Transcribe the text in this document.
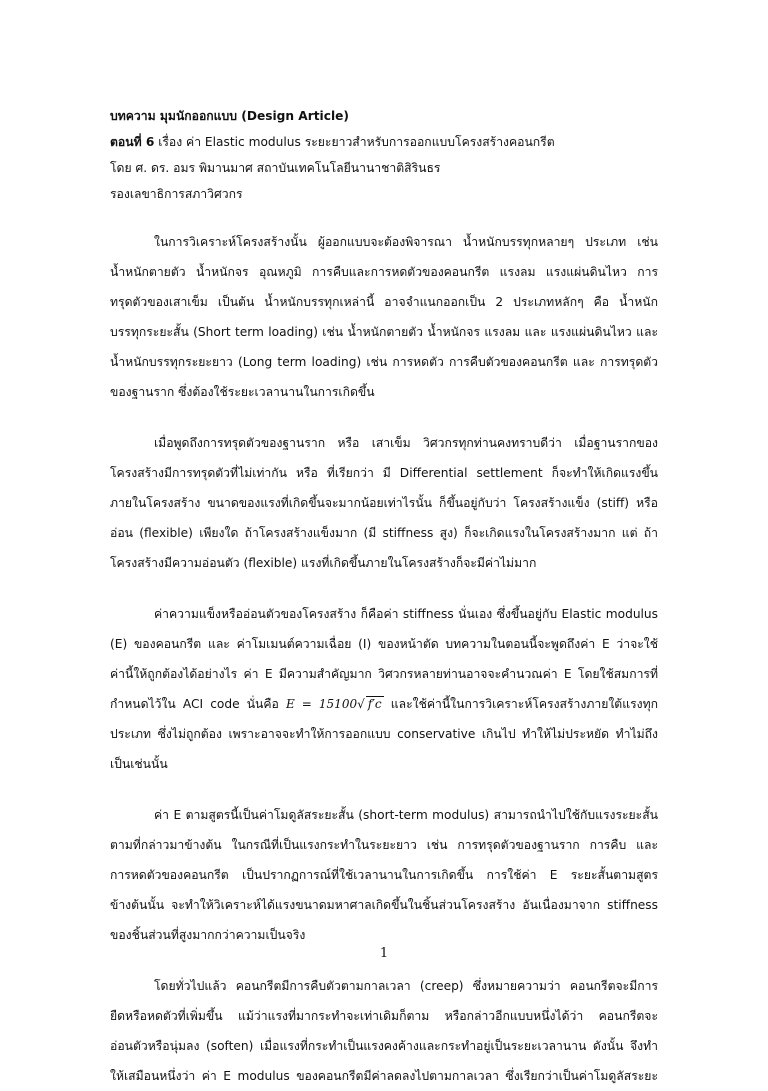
บทความ มุมนักออกแบบ (Design Article)
ตอนที่ 6 เรื่อง ค่า Elastic modulus ระยะยาวสำหรับการออกแบบโครงสร้างคอนกรีต
โดย ศ. ดร. อมร พิมานมาศ สถาบันเทคโนโลยีนานาชาติสิรินธร
รองเลขาธิการสภาวิศวกร
ในการวิเคราะห์โครงสร้างนั้น ผู้ออกแบบจะต้องพิจารณา น้ำหนักบรรทุกหลายๆ ประเภท เช่น
น้ำหนักตายตัว น้ำหนักจร อุณหภูมิ การคืบและการหดตัวของคอนกรีต แรงลม แรงแผ่นดินไหว การ
ทรุดตัวของเสาเข็ม เป็นต้น น้ำหนักบรรทุกเหล่านี้ อาจจำแนกออกเป็น 2 ประเภทหลักๆ คือ น้ำหนัก
บรรทุกระยะสั้น (Short term loading) เช่น น้ำหนักตายตัว น้ำหนักจร แรงลม และ แรงแผ่นดินไหว และ
น้ำหนักบรรทุกระยะยาว (Long term loading) เช่น การหดตัว การคืบตัวของคอนกรีต และ การทรุดตัว
ของฐานราก ซึ่งต้องใช้ระยะเวลานานในการเกิดขึ้น
เมื่อพูดถึงการทรุดตัวของฐานราก หรือ เสาเข็ม วิศวกรทุกท่านคงทราบดีว่า เมื่อฐานรากของ
โครงสร้างมีการทรุดตัวที่ไม่เท่ากัน หรือ ที่เรียกว่า มี Differential settlement ก็จะทำให้เกิดแรงขึ้น
ภายในโครงสร้าง ขนาดของแรงที่เกิดขึ้นจะมากน้อยเท่าไรนั้น ก็ขึ้นอยู่กับว่า โครงสร้างแข็ง (stiff) หรือ
อ่อน (flexible) เพียงใด ถ้าโครงสร้างแข็งมาก (มี stiffness สูง) ก็จะเกิดแรงในโครงสร้างมาก แต่ ถ้า
โครงสร้างมีความอ่อนตัว (flexible) แรงที่เกิดขึ้นภายในโครงสร้างก็จะมีค่าไม่มาก
ค่าความแข็งหรืออ่อนตัวของโครงสร้าง ก็คือค่า stiffness นั่นเอง ซึ่งขึ้นอยู่กับ Elastic modulus
(E) ของคอนกรีต และ ค่าโมเมนต์ความเฉื่อย (I) ของหน้าตัด บทความในตอนนี้จะพูดถึงค่า E ว่าจะใช้
ค่านี้ให้ถูกต้องได้อย่างไร ค่า E มีความสำคัญมาก วิศวกรหลายท่านอาจจะคำนวณค่า E โดยใช้สมการที่
กำหนดไว้ใน ACI code นั่นคือ E = 15100√ f′c และใช้ค่านี้ในการวิเคราะห์โครงสร้างภายใต้แรงทุก
ประเภท ซึ่งไม่ถูกต้อง เพราะอาจจะทำให้การออกแบบ conservative เกินไป ทำให้ไม่ประหยัด ทำไม่ถึง
เป็นเช่นนั้น
ค่า E ตามสูตรนี้เป็นค่าโมดูลัสระยะสั้น (short-term modulus) สามารถนำไปใช้กับแรงระยะสั้น
ตามที่กล่าวมาข้างต้น ในกรณีที่เป็นแรงกระทำในระยะยาว เช่น การทรุดตัวของฐานราก การคืบ และ
การหดตัวของคอนกรีต เป็นปรากฏการณ์ที่ใช้เวลานานในการเกิดขึ้น การใช้ค่า E ระยะสั้นตามสูตร
ข้างต้นนั้น จะทำให้วิเคราะห์ได้แรงขนาดมหาศาลเกิดขึ้นในชิ้นส่วนโครงสร้าง อันเนื่องมาจาก stiffness
ของชิ้นส่วนที่สูงมากกว่าความเป็นจริง
โดยทั่วไปแล้ว คอนกรีตมีการคืบตัวตามกาลเวลา (creep) ซึ่งหมายความว่า คอนกรีตจะมีการ
ยืดหรือหดตัวที่เพิ่มขึ้น แม้ว่าแรงที่มากระทำจะเท่าเดิมก็ตาม หรือกล่าวอีกแบบหนึ่งได้ว่า คอนกรีตจะ
อ่อนตัวหรือนุ่มลง (soften) เมื่อแรงที่กระทำเป็นแรงคงค้างและกระทำอยู่เป็นระยะเวลานาน ดังนั้น จึงทำ
ให้เสมือนหนึ่งว่า ค่า E modulus ของคอนกรีตมีค่าลดลงไปตามกาลเวลา ซึ่งเรียกว่าเป็นค่าโมดูลัสระยะ
1
